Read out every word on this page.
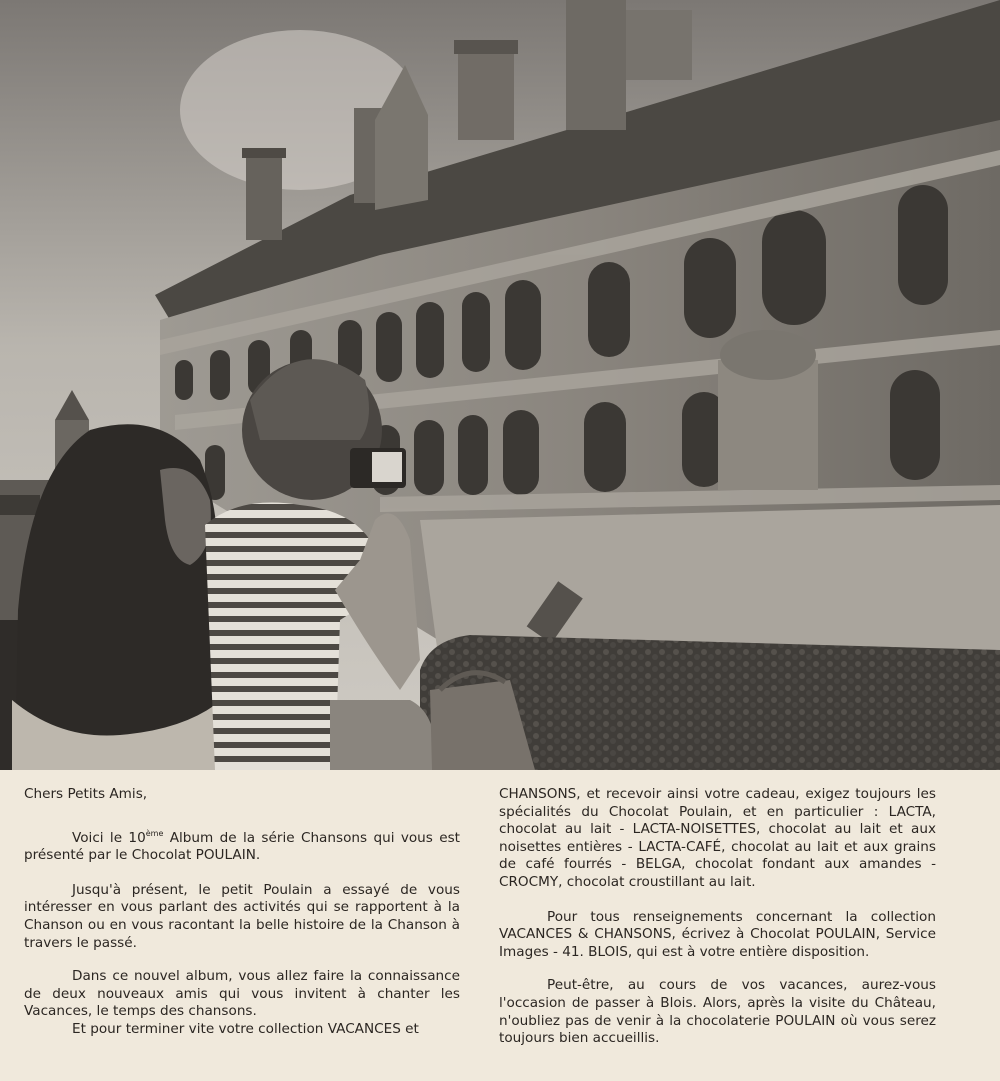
Chers Petits Amis,

Voici le 10ème Album de la série Chansons qui vous est présenté par le Chocolat POULAIN.

Jusqu'à présent, le petit Poulain a essayé de vous intéresser en vous parlant des activités qui se rapportent à la Chanson ou en vous racontant la belle histoire de la Chanson à travers le passé.

Dans ce nouvel album, vous allez faire la connaissance de deux nouveaux amis qui vous invitent à chanter les Vacances, le temps des chansons.

Et pour terminer vite votre collection VACANCES et

CHANSONS, et recevoir ainsi votre cadeau, exigez toujours les spécialités du Chocolat Poulain, et en particulier : LACTA, chocolat au lait - LACTA-NOISETTES, chocolat au lait et aux noisettes entières - LACTA-CAFÉ, chocolat au lait et aux grains de café fourrés - BELGA, chocolat fondant aux amandes - CROCMY, chocolat croustillant au lait.

Pour tous renseignements concernant la collection VACANCES & CHANSONS, écrivez à Chocolat POULAIN, Service Images - 41. BLOIS, qui est à votre entière disposition.

Peut-être, au cours de vos vacances, aurez-vous l'occasion de passer à Blois. Alors, après la visite du Château, n'oubliez pas de venir à la chocolaterie POULAIN où vous serez toujours bien accueillis.
